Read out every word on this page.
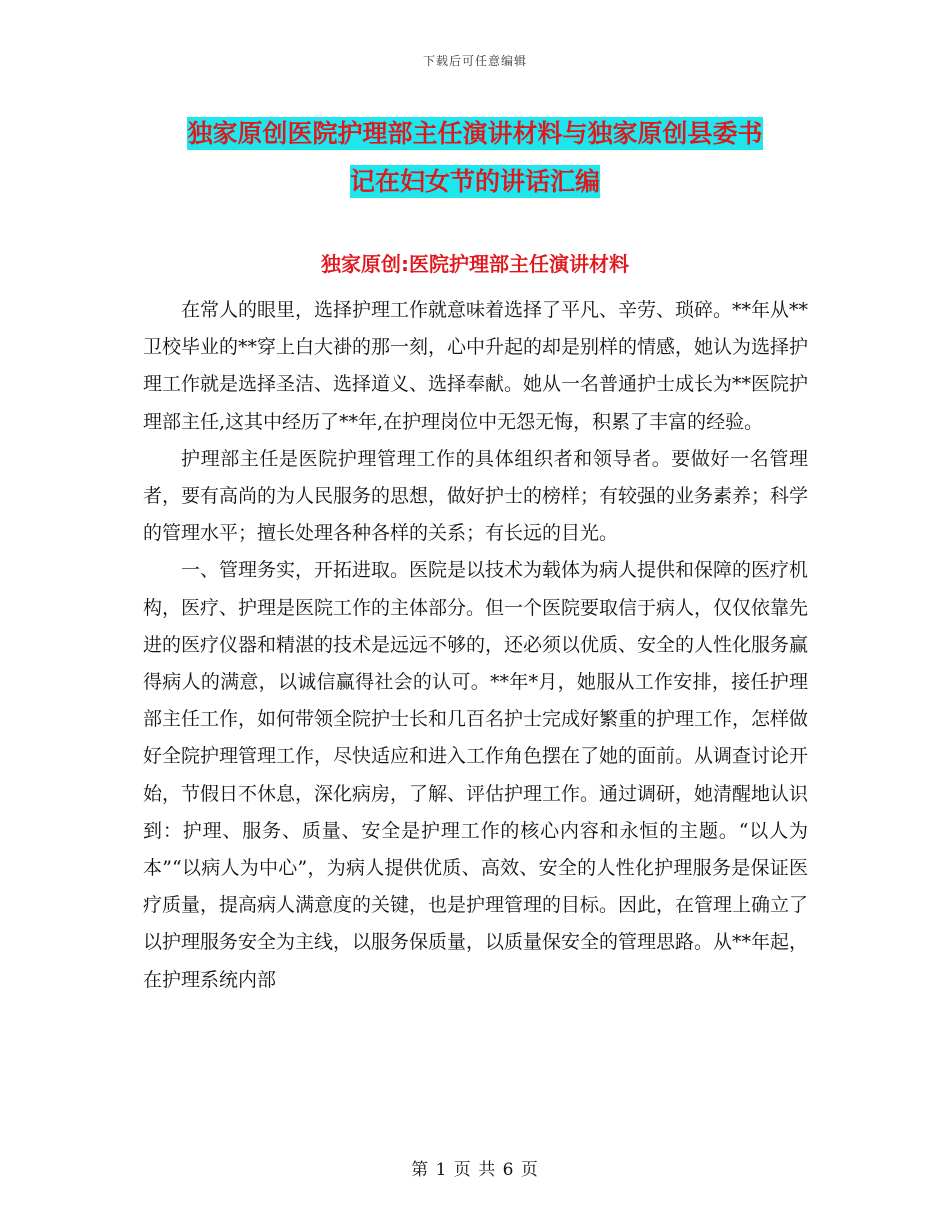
下载后可任意编辑
独家原创医院护理部主任演讲材料与独家原创县委书
记在妇女节的讲话汇编
独家原创:医院护理部主任演讲材料

在常人的眼里，选择护理工作就意味着选择了平凡、辛劳、琐碎。**年从**卫校毕业的**穿上白大褂的那一刻，心中升起的却是别样的情感，她认为选择护理工作就是选择圣洁、选择道义、选择奉献。她从一名普通护士成长为**医院护理部主任,这其中经历了**年,在护理岗位中无怨无悔，积累了丰富的经验。

护理部主任是医院护理管理工作的具体组织者和领导者。要做好一名管理者，要有高尚的为人民服务的思想，做好护士的榜样；有较强的业务素养；科学的管理水平；擅长处理各种各样的关系；有长远的目光。

一、管理务实，开拓进取。医院是以技术为载体为病人提供和保障的医疗机构，医疗、护理是医院工作的主体部分。但一个医院要取信于病人，仅仅依靠先进的医疗仪器和精湛的技术是远远不够的，还必须以优质、安全的人性化服务赢得病人的满意，以诚信赢得社会的认可。**年*月，她服从工作安排，接任护理部主任工作，如何带领全院护士长和几百名护士完成好繁重的护理工作，怎样做好全院护理管理工作，尽快适应和进入工作角色摆在了她的面前。从调查讨论开始，节假日不休息，深化病房，了解、评估护理工作。通过调研，她清醒地认识到：护理、服务、质量、安全是护理工作的核心内容和永恒的主题。“以人为本”“以病人为中心”，为病人提供优质、高效、安全的人性化护理服务是保证医疗质量，提高病人满意度的关键，也是护理管理的目标。因此，在管理上确立了以护理服务安全为主线，以服务保质量，以质量保安全的管理思路。从**年起，在护理系统内部

第 1 页 共 6 页
